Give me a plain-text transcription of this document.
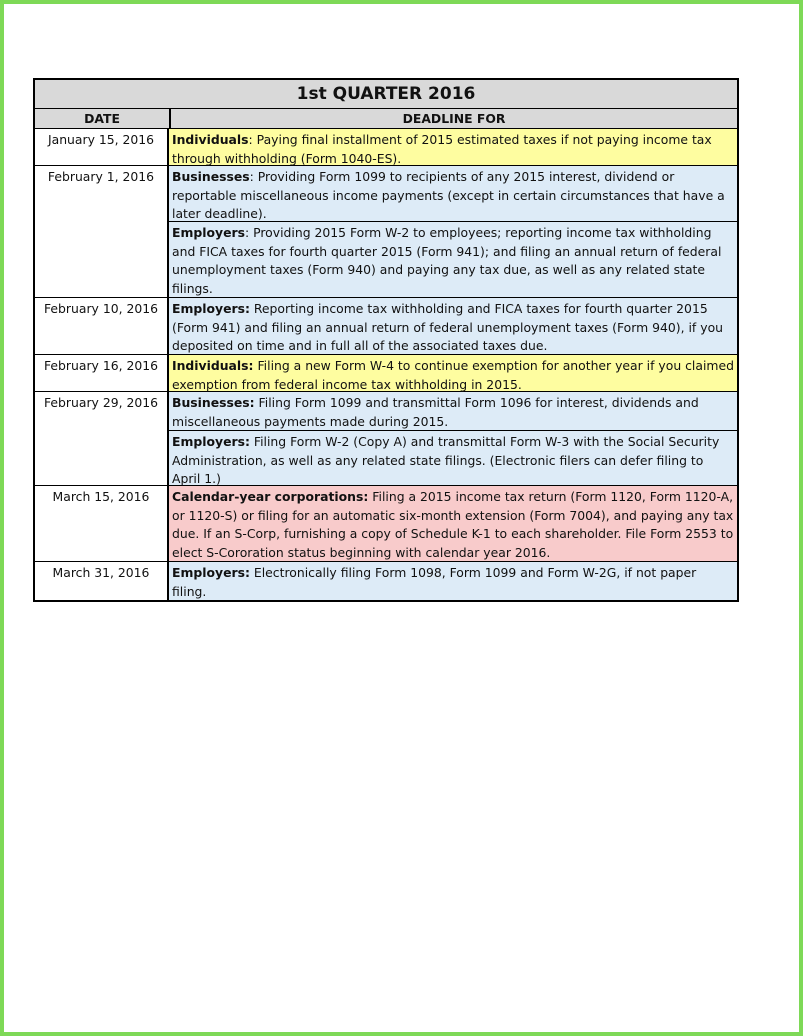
1st QUARTER 2016
DATE	DEADLINE FOR
January 15, 2016	Individuals: Paying final installment of 2015 estimated taxes if not paying income tax through withholding (Form 1040-ES).
February 1, 2016	Businesses: Providing Form 1099 to recipients of any 2015 interest, dividend or reportable miscellaneous income payments (except in certain circumstances that have a later deadline).
Employers: Providing 2015 Form W-2 to employees; reporting income tax withholding and FICA taxes for fourth quarter 2015 (Form 941); and filing an annual return of federal unemployment taxes (Form 940) and paying any tax due, as well as any related state filings.
February 10, 2016	Employers: Reporting income tax withholding and FICA taxes for fourth quarter 2015 (Form 941) and filing an annual return of federal unemployment taxes (Form 940), if you deposited on time and in full all of the associated taxes due.
February 16, 2016	Individuals: Filing a new Form W-4 to continue exemption for another year if you claimed exemption from federal income tax withholding in 2015.
February 29, 2016	Businesses: Filing Form 1099 and transmittal Form 1096 for interest, dividends and miscellaneous payments made during 2015.
Employers: Filing Form W-2 (Copy A) and transmittal Form W-3 with the Social Security Administration, as well as any related state filings. (Electronic filers can defer filing to April 1.)
March 15, 2016	Calendar-year corporations: Filing a 2015 income tax return (Form 1120, Form 1120-A, or 1120-S) or filing for an automatic six-month extension (Form 7004), and paying any tax due. If an S-Corp, furnishing a copy of Schedule K-1 to each shareholder. File Form 2553 to elect S-Cororation status beginning with calendar year 2016.
March 31, 2016	Employers: Electronically filing Form 1098, Form 1099 and Form W-2G, if not paper filing.
